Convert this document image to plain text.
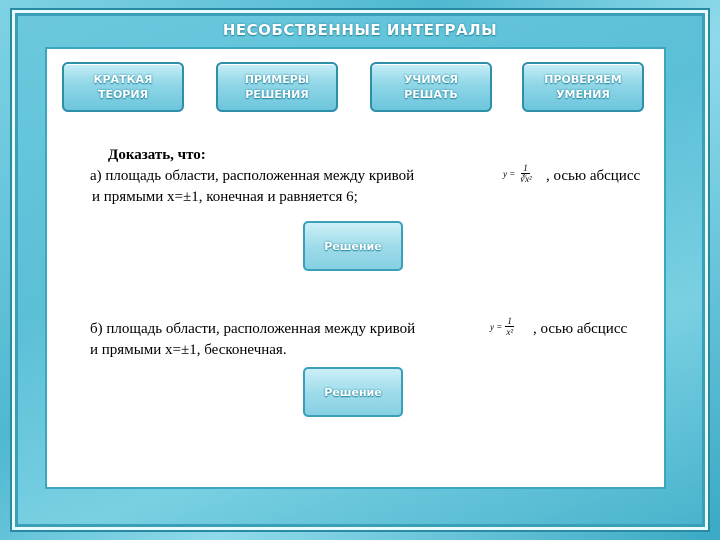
НЕСОБСТВЕННЫЕ ИНТЕГРАЛЫ
КРАТКАЯ
ТЕОРИЯ
ПРИМЕРЫ
РЕШЕНИЯ
УЧИМСЯ
РЕШАТЬ
ПРОВЕРЯЕМ
УМЕНИЯ
Доказать, что:
а) площадь области, расположенная между кривой	$y = \frac{1}{\text{∛x²}}$ , осью абсцисс
и прямыми x=±1, конечная и равняется 6;
Решение
б) площадь области, расположенная между кривой	$y = \frac{1}{\text{x²}}$ , осью абсцисс
и прямыми x=±1, бесконечная.
Решение
